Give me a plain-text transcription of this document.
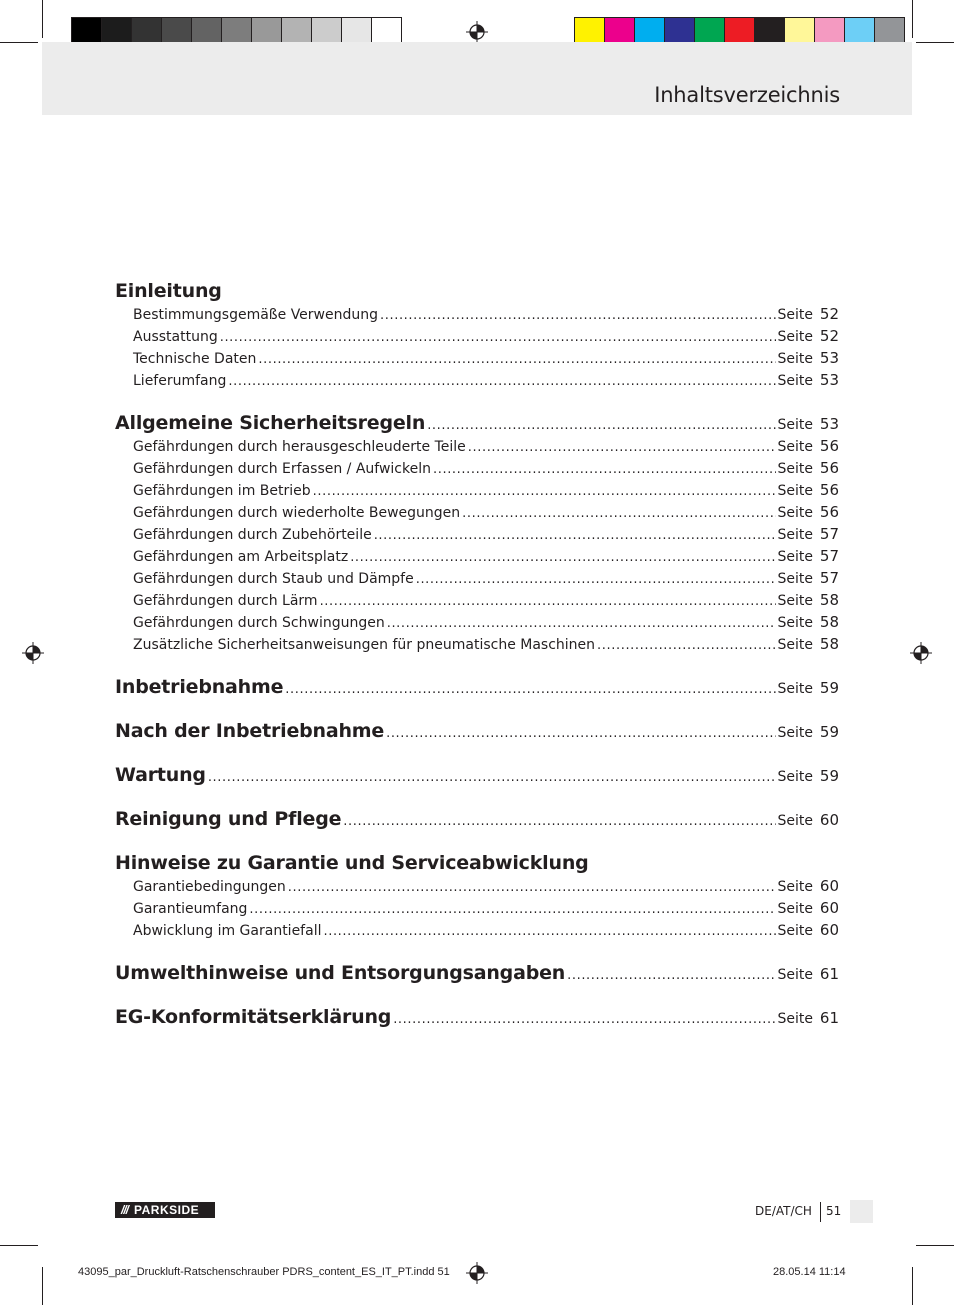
Inhaltsverzeichnis
Einleitung
Bestimmungsgemäße Verwendung .....	Seite 52
Ausstattung .....	Seite 52
Technische Daten .....	Seite 53
Lieferumfang .....	Seite 53
Allgemeine Sicherheitsregeln .....	Seite 53
Gefährdungen durch herausgeschleuderte Teile .....	Seite 56
Gefährdungen durch Erfassen / Aufwickeln .....	Seite 56
Gefährdungen im Betrieb .....	Seite 56
Gefährdungen durch wiederholte Bewegungen .....	Seite 56
Gefährdungen durch Zubehörteile .....	Seite 57
Gefährdungen am Arbeitsplatz .....	Seite 57
Gefährdungen durch Staub und Dämpfe .....	Seite 57
Gefährdungen durch Lärm .....	Seite 58
Gefährdungen durch Schwingungen .....	Seite 58
Zusätzliche Sicherheitsanweisungen für pneumatische Maschinen .....	Seite 58
Inbetriebnahme .....	Seite 59
Nach der Inbetriebnahme .....	Seite 59
Wartung .....	Seite 59
Reinigung und Pflege .....	Seite 60
Hinweise zu Garantie und Serviceabwicklung
Garantiebedingungen .....	Seite 60
Garantieumfang .....	Seite 60
Abwicklung im Garantiefall .....	Seite 60
Umwelthinweise und Entsorgungsangaben .....	Seite 61
EG-Konformitätserklärung .....	Seite 61
/// PARKSIDE	DE/AT/CH 51
43095_par_Druckluft-Ratschenschrauber PDRS_content_ES_IT_PT.indd 51	28.05.14 11:14
